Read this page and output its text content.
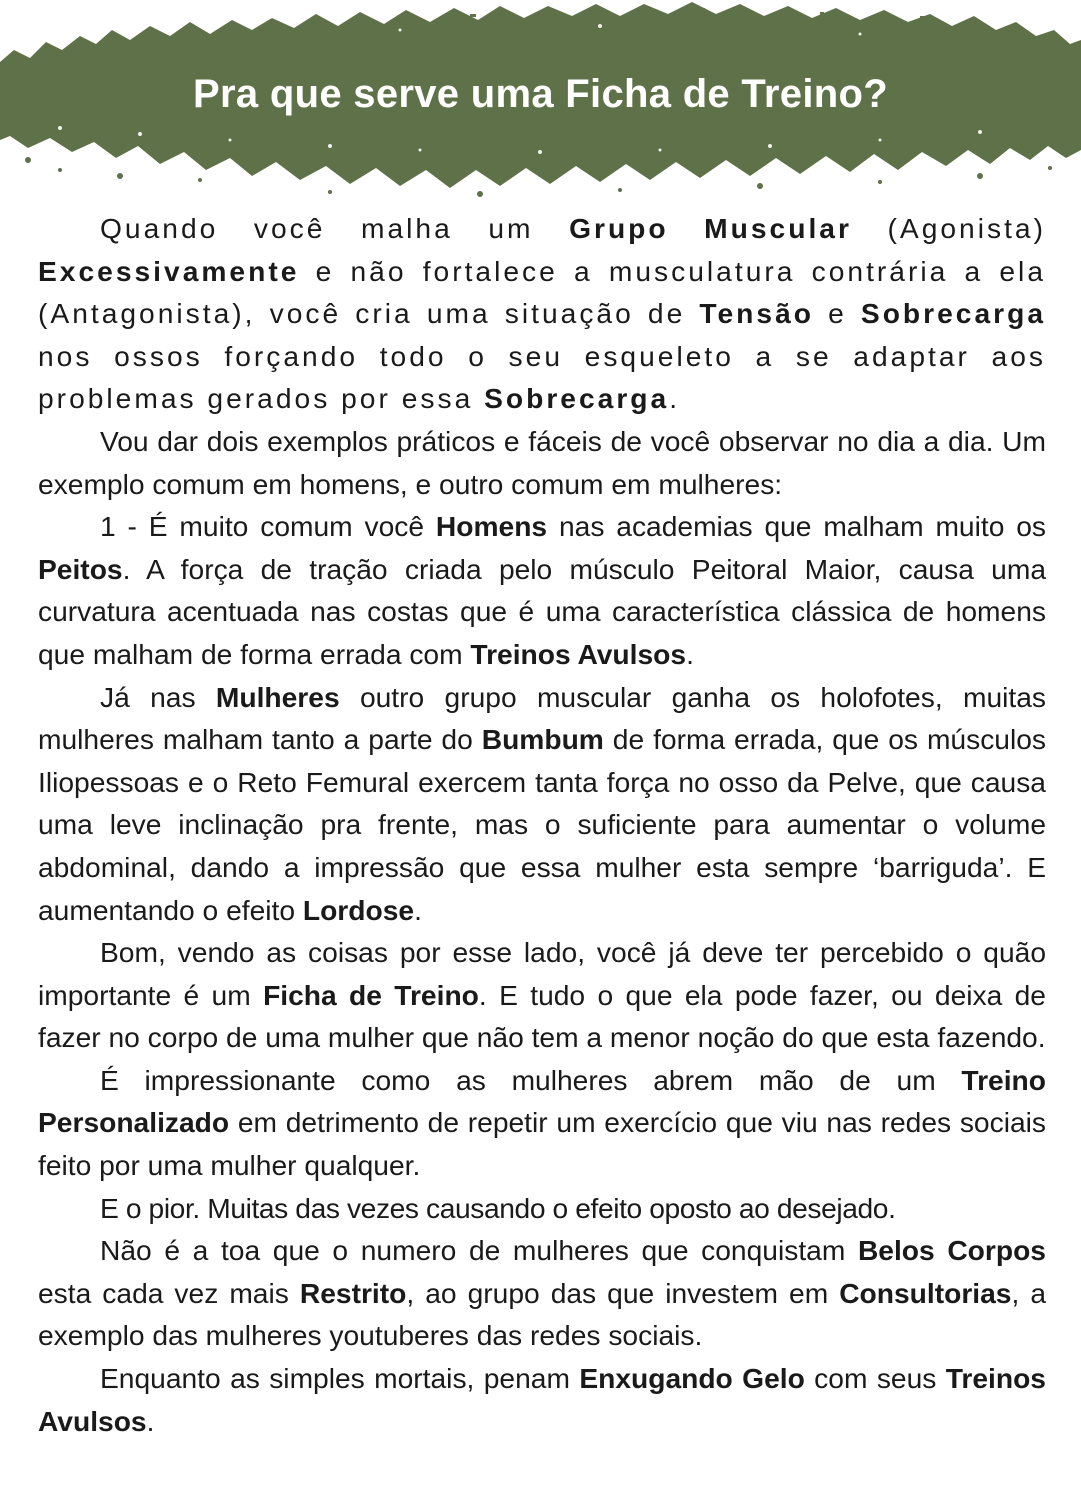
Pra que serve uma Ficha de Treino?

Quando você malha um Grupo Muscular (Agonista) Excessivamente e não fortalece a musculatura contrária a ela (Antagonista), você cria uma situação de Tensão e Sobrecarga nos ossos forçando todo o seu esqueleto a se adaptar aos problemas gerados por essa Sobrecarga.

Vou dar dois exemplos práticos e fáceis de você observar no dia a dia. Um exemplo comum em homens, e outro comum em mulheres:

1 - É muito comum você Homens nas academias que malham muito os Peitos. A força de tração criada pelo músculo Peitoral Maior, causa uma curvatura acentuada nas costas que é uma característica clássica de homens que malham de forma errada com Treinos Avulsos.

Já nas Mulheres outro grupo muscular ganha os holofotes, muitas mulheres malham tanto a parte do Bumbum de forma errada, que os músculos Iliopessoas e o Reto Femural exercem tanta força no osso da Pelve, que causa uma leve inclinação pra frente, mas o suficiente para aumentar o volume abdominal, dando a impressão que essa mulher esta sempre ‘barriguda’. E aumentando o efeito Lordose.

Bom, vendo as coisas por esse lado, você já deve ter percebido o quão importante é um Ficha de Treino. E tudo o que ela pode fazer, ou deixa de fazer no corpo de uma mulher que não tem a menor noção do que esta fazendo.

É impressionante como as mulheres abrem mão de um Treino Personalizado em detrimento de repetir um exercício que viu nas redes sociais feito por uma mulher qualquer.

E o pior. Muitas das vezes causando o efeito oposto ao desejado.

Não é a toa que o numero de mulheres que conquistam Belos Corpos esta cada vez mais Restrito, ao grupo das que investem em Consultorias, a exemplo das mulheres youtuberes das redes sociais.

Enquanto as simples mortais, penam Enxugando Gelo com seus Treinos Avulsos.
